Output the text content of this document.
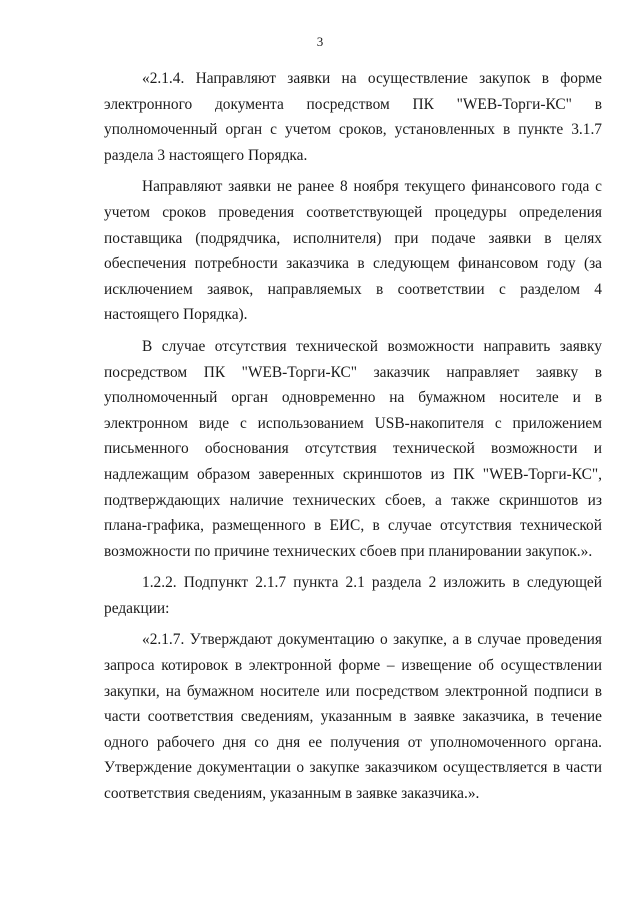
3

«2.1.4. Направляют заявки на осуществление закупок в форме электронного документа посредством ПК "WEB-Торги-КС" в уполномоченный орган с учетом сроков, установленных в пункте 3.1.7 раздела 3 настоящего Порядка.

Направляют заявки не ранее 8 ноября текущего финансового года с учетом сроков проведения соответствующей процедуры определения поставщика (подрядчика, исполнителя) при подаче заявки в целях обеспечения потребности заказчика в следующем финансовом году (за исключением заявок, направляемых в соответствии с разделом 4 настоящего Порядка).

В случае отсутствия технической возможности направить заявку посредством ПК "WEB-Торги-КС" заказчик направляет заявку в уполномоченный орган одновременно на бумажном носителе и в электронном виде с использованием USB-накопителя с приложением письменного обоснования отсутствия технической возможности и надлежащим образом заверенных скриншотов из ПК "WEB-Торги-КС", подтверждающих наличие технических сбоев, а также скриншотов из плана-графика, размещенного в ЕИС, в случае отсутствия технической возможности по причине технических сбоев при планировании закупок.».

1.2.2. Подпункт 2.1.7 пункта 2.1 раздела 2 изложить в следующей редакции:

«2.1.7. Утверждают документацию о закупке, а в случае проведения запроса котировок в электронной форме – извещение об осуществлении закупки, на бумажном носителе или посредством электронной подписи в части соответствия сведениям, указанным в заявке заказчика, в течение одного рабочего дня со дня ее получения от уполномоченного органа. Утверждение документации о закупке заказчиком осуществляется в части соответствия сведениям, указанным в заявке заказчика.».
